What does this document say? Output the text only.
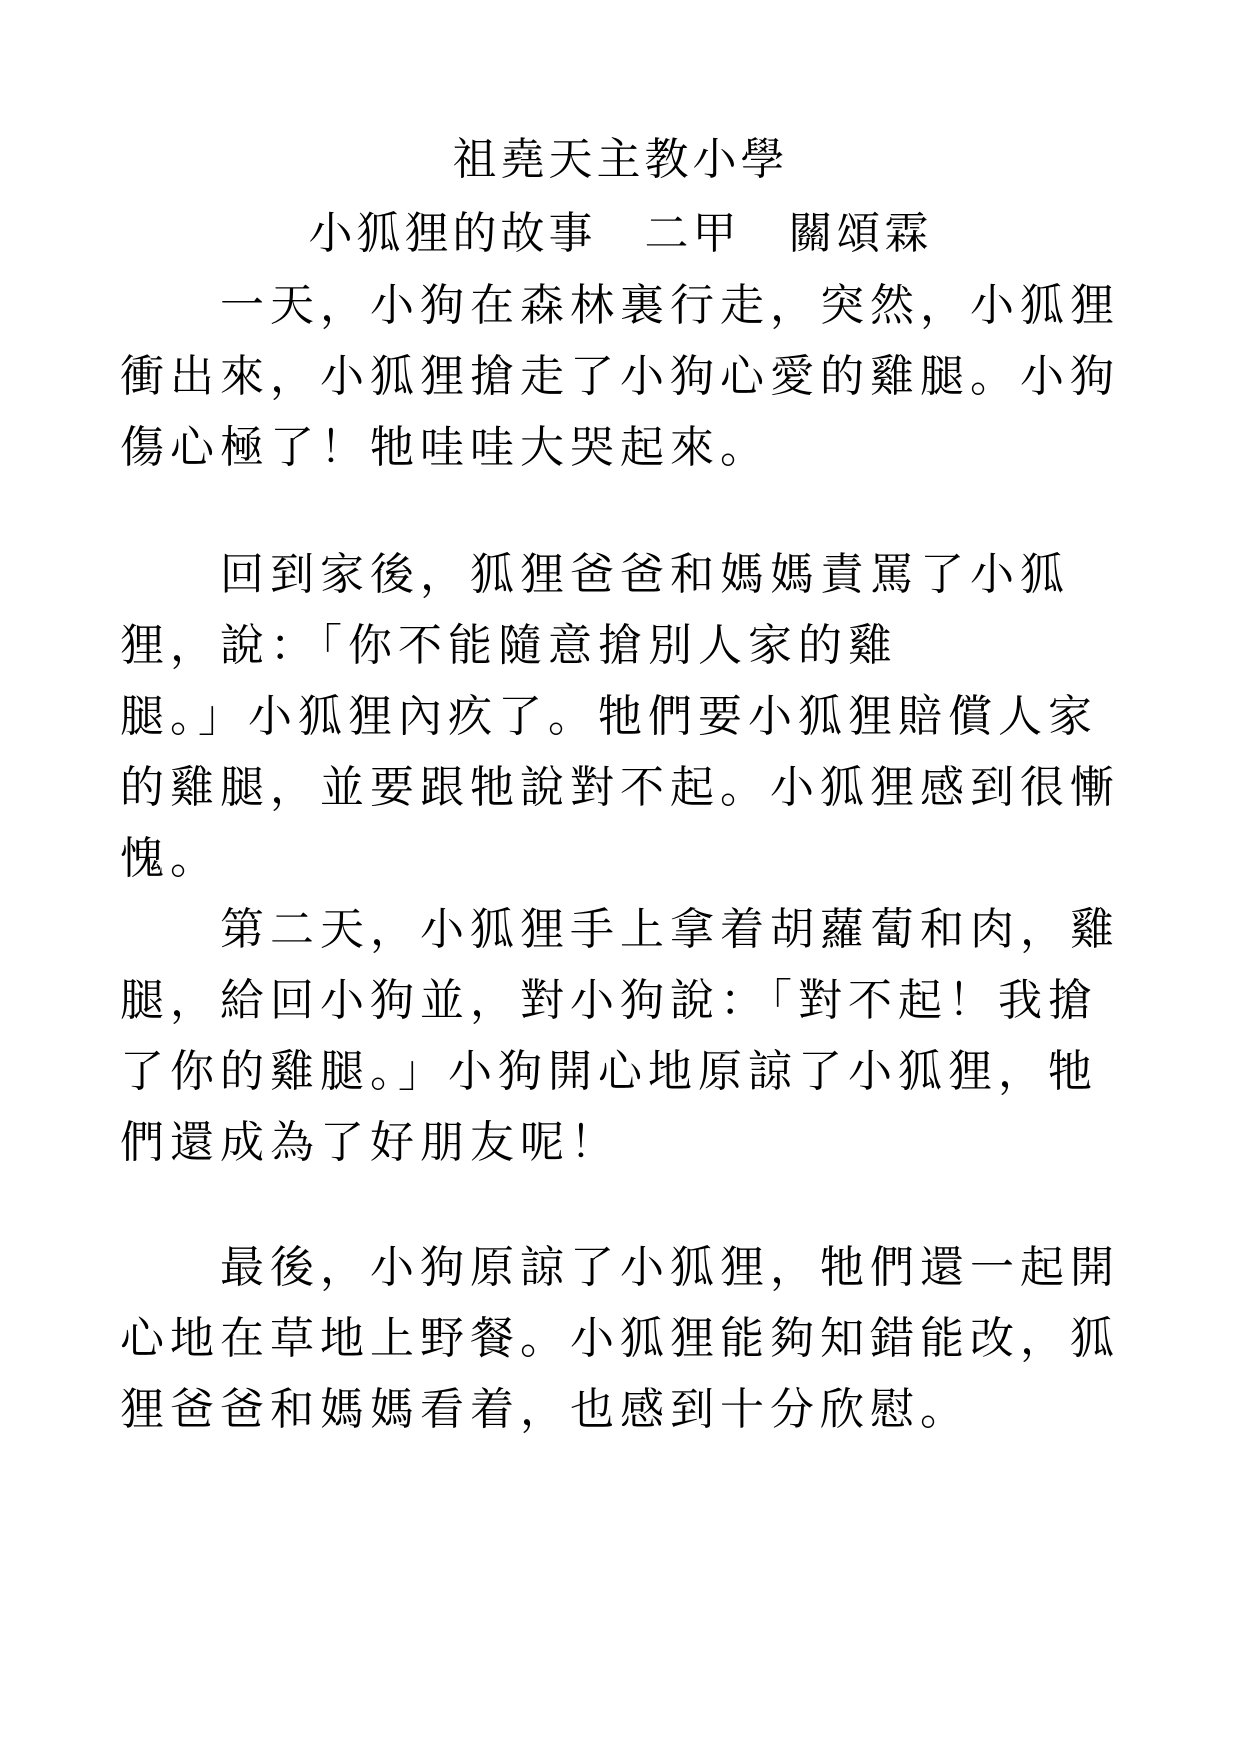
祖堯天主教小學
小狐狸的故事　二甲　關頌霖
　　一天，小狗在森林裏行走，突然，小狐狸
衝出來，小狐狸搶走了小狗心愛的雞腿。小狗
傷心極了！牠哇哇大哭起來。
　　回到家後，狐狸爸爸和媽媽責罵了小狐
狸，說：「你不能隨意搶別人家的雞
腿。」小狐狸內疚了。牠們要小狐狸賠償人家
的雞腿，並要跟牠說對不起。小狐狸感到很慚
愧。
　　第二天，小狐狸手上拿着胡蘿蔔和肉，雞
腿，給回小狗並，對小狗說：「對不起！我搶
了你的雞腿。」小狗開心地原諒了小狐狸，牠
們還成為了好朋友呢！
　　最後，小狗原諒了小狐狸，牠們還一起開
心地在草地上野餐。小狐狸能夠知錯能改，狐
狸爸爸和媽媽看着，也感到十分欣慰。
